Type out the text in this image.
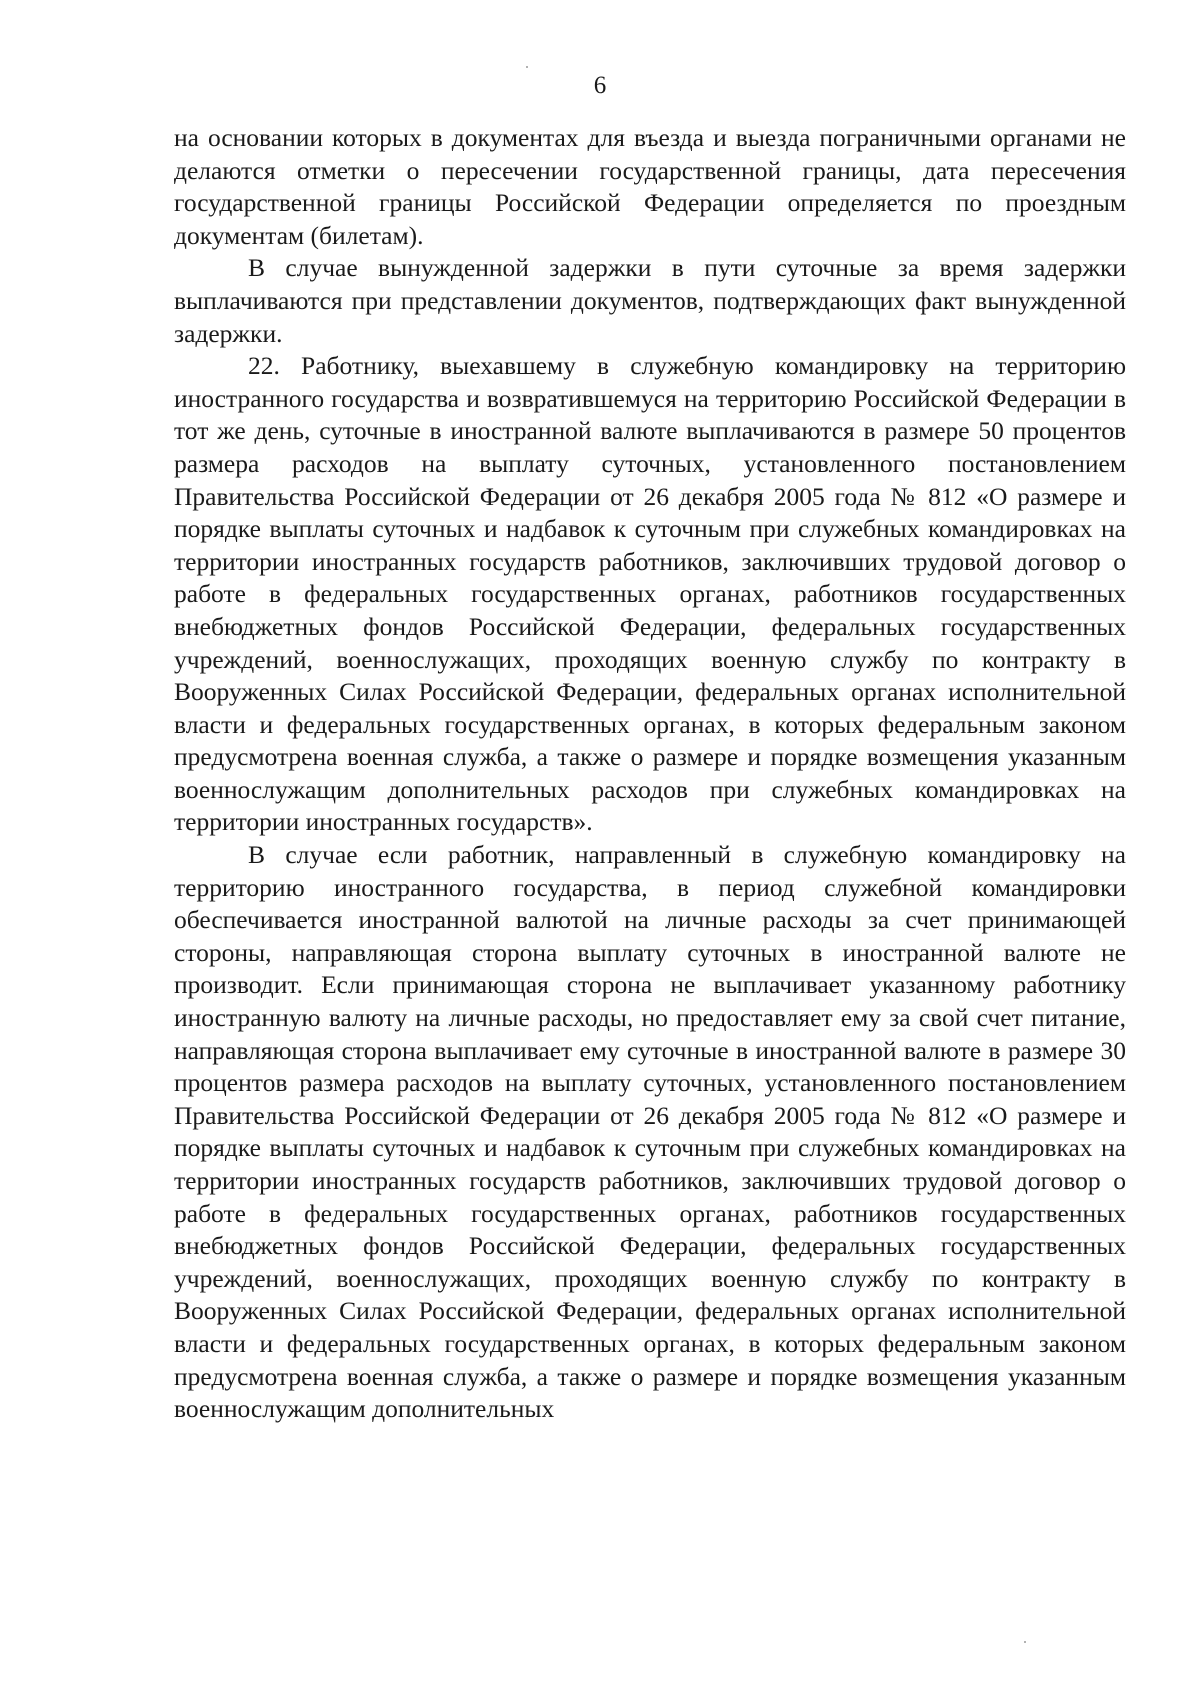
6

на основании которых в документах для въезда и выезда пограничными органами не делаются отметки о пересечении государственной границы, дата пересечения государственной границы Российской Федерации определяется по проездным документам (билетам).

В случае вынужденной задержки в пути суточные за время задержки выплачиваются при представлении документов, подтверждающих факт вынужденной задержки.

22. Работнику, выехавшему в служебную командировку на территорию иностранного государства и возвратившемуся на территорию Российской Федерации в тот же день, суточные в иностранной валюте выплачиваются в размере 50 процентов размера расходов на выплату суточных, установленного постановлением Правительства Российской Федерации от 26 декабря 2005 года № 812 «О размере и порядке выплаты суточных и надбавок к суточным при служебных командировках на территории иностранных государств работников, заключивших трудовой договор о работе в федеральных государственных органах, работников государственных внебюджетных фондов Российской Федерации, федеральных государственных учреждений, военнослужащих, проходящих военную службу по контракту в Вооруженных Силах Российской Федерации, федеральных органах исполнительной власти и федеральных государственных органах, в которых федеральным законом предусмотрена военная служба, а также о размере и порядке возмещения указанным военнослужащим дополнительных расходов при служебных командировках на территории иностранных государств».

В случае если работник, направленный в служебную командировку на территорию иностранного государства, в период служебной командировки обеспечивается иностранной валютой на личные расходы за счет принимающей стороны, направляющая сторона выплату суточных в иностранной валюте не производит. Если принимающая сторона не выплачивает указанному работнику иностранную валюту на личные расходы, но предоставляет ему за свой счет питание, направляющая сторона выплачивает ему суточные в иностранной валюте в размере 30 процентов размера расходов на выплату суточных, установленного постановлением Правительства Российской Федерации от 26 декабря 2005 года № 812 «О размере и порядке выплаты суточных и надбавок к суточным при служебных командировках на территории иностранных государств работников, заключивших трудовой договор о работе в федеральных государственных органах, работников государственных внебюджетных фондов Российской Федерации, федеральных государственных учреждений, военнослужащих, проходящих военную службу по контракту в Вооруженных Силах Российской Федерации, федеральных органах исполнительной власти и федеральных государственных органах, в которых федеральным законом предусмотрена военная служба, а также о размере и порядке возмещения указанным военнослужащим дополнительных
